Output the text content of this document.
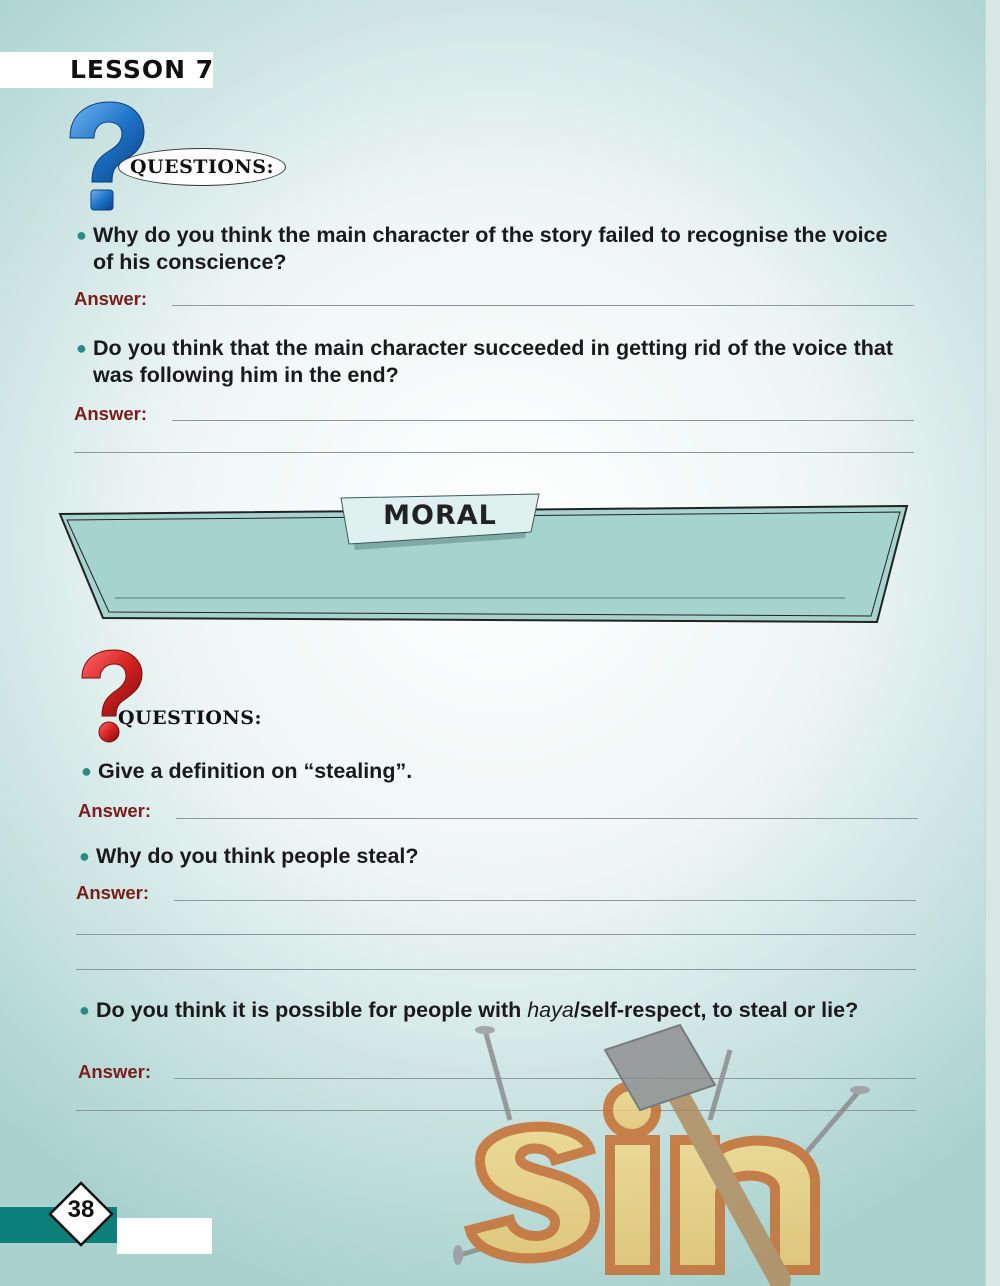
LESSON 7
QUESTIONS:
● Why do you think the main character of the story failed to recognise the voice of his conscience?
Answer:
● Do you think that the main character succeeded in getting rid of the voice that was following him in the end?
Answer:
MORAL
QUESTIONS:
● Give a definition on “stealing”.
Answer:
● Why do you think people steal?
Answer:
● Do you think it is possible for people with haya/self-respect, to steal or lie?
Answer:
38
